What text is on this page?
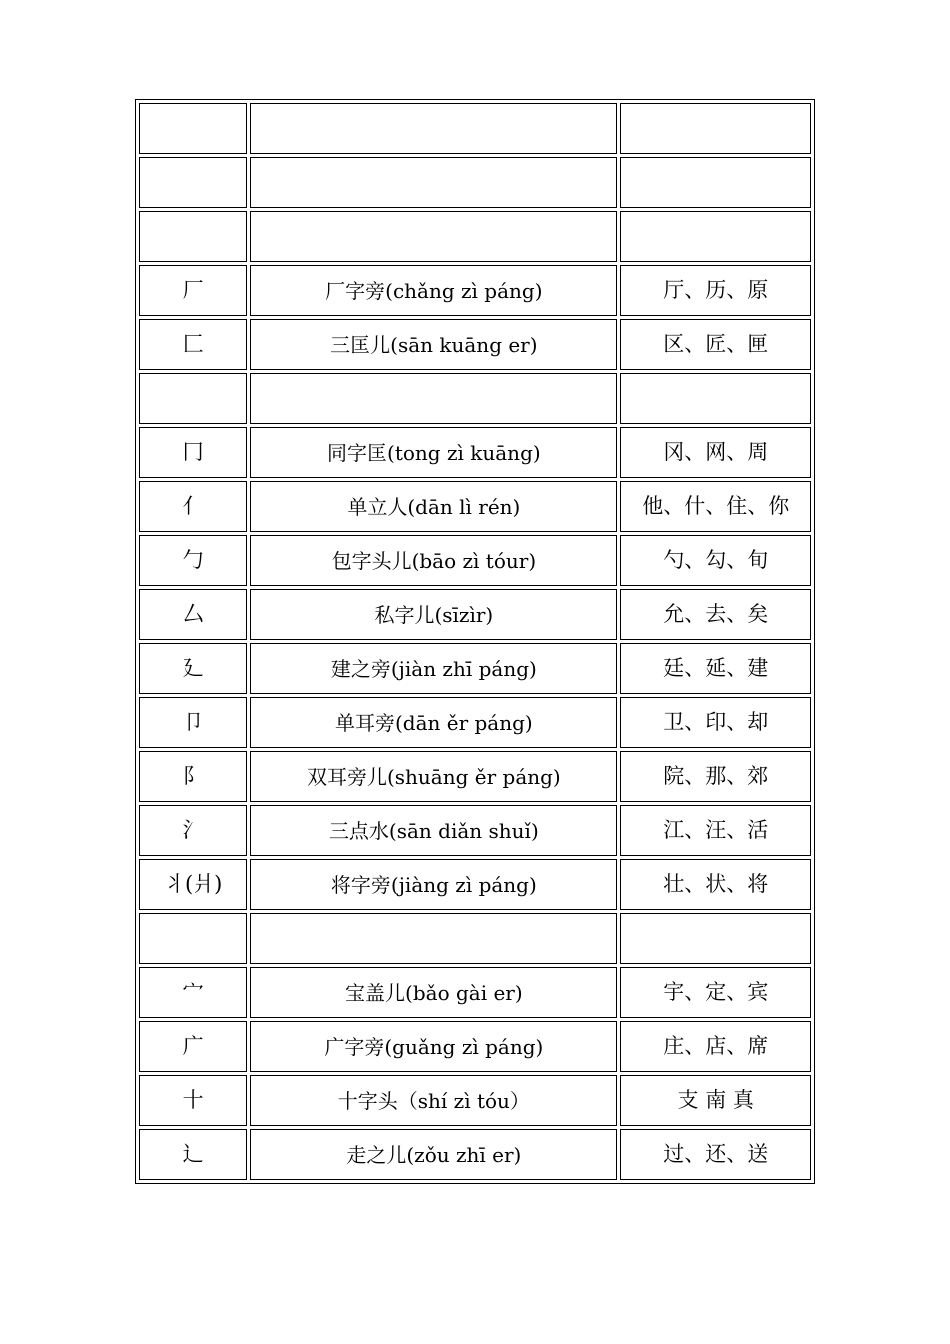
厂	厂字旁(chǎng zì páng)	厅、历、原
匚	三匡儿(sān kuāng er)	区、匠、匣

冂	同字匡(tong zì kuāng)	冈、网、周
亻	单立人(dān lì rén)	他、什、住、你
勹	包字头儿(bāo zì tóur)	勺、勾、旬
厶	私字儿(sīzìr)	允、去、矣
廴	建之旁(jiàn zhī páng)	廷、延、建
卩	单耳旁(dān ěr páng)	卫、印、却
阝	双耳旁儿(shuāng ěr páng)	院、那、郊
氵	三点水(sān diǎn shuǐ)	江、汪、活
丬(爿)	将字旁(jiàng zì páng)	壮、状、将

宀	宝盖儿(bǎo gài er)	宇、定、宾
广	广字旁(guǎng zì páng)	庄、店、席
十	十字头（shí zì tóu）	支 南 真
辶	走之儿(zǒu zhī er)	过、还、送
